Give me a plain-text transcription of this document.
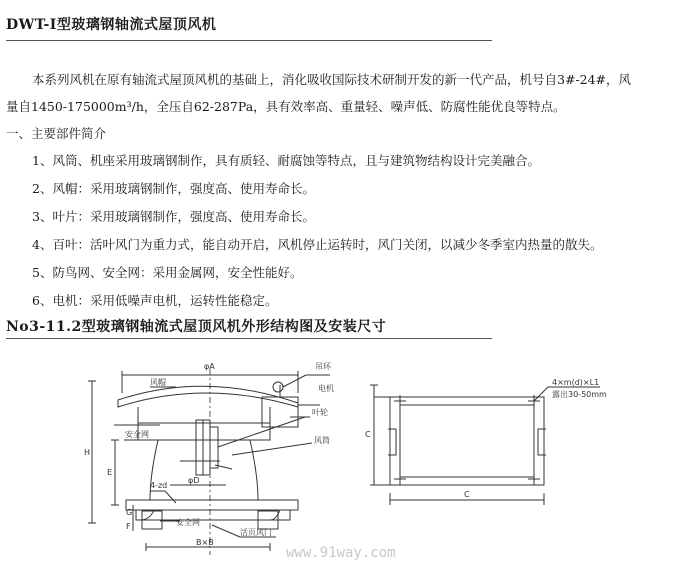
DWT-Ⅰ型玻璃钢轴流式屋顶风机

本系列风机在原有轴流式屋顶风机的基础上，消化吸收国际技术研制开发的新一代产品，机号自3#-24#，风

量自1450-175000m³/h，全压自62-287Pa，具有效率高、重量轻、噪声低、防腐性能优良等特点。

一、主要部件简介
1、风筒、机座采用玻璃钢制作，具有质轻、耐腐蚀等特点，且与建筑物结构设计完美融合。
2、风帽：采用玻璃钢制作，强度高、使用寿命长。
3、叶片：采用玻璃钢制作，强度高、使用寿命长。
4、百叶：活叶风门为重力式，能自动开启，风机停止运转时，风门关闭，以减少冬季室内热量的散失。
5、防鸟网、安全网：采用金属网，安全性能好。
6、电机：采用低噪声电机，运转性能稳定。
No3-11.2型玻璃钢轴流式屋顶风机外形结构图及安装尺寸
φA	吊环
风帽
电机
叶轮
安全网
风筒
φD
4-zd
H
E
G
F	安全网
活页风门
B×B
4×m(d)×L1
露出30-50mm
C
C
www.91way.com
